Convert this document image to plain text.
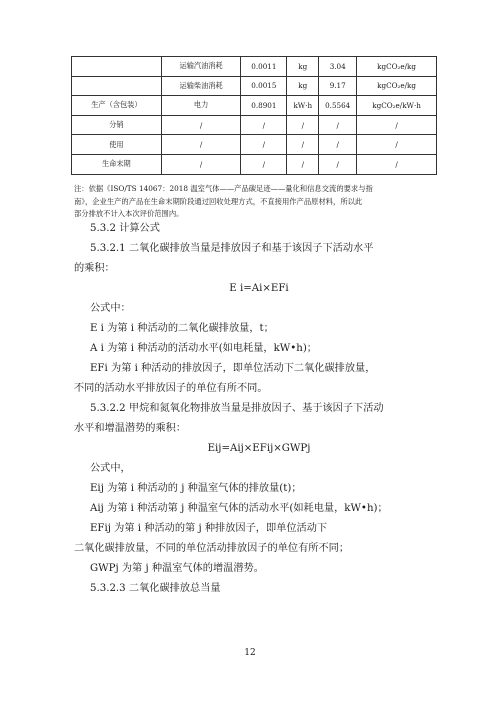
	运输汽油消耗	0.0011	kg	3.04	kgCO₂e/kg
	运输柴油消耗	0.0015	kg	9.17	kgCO₂e/kg
生产（含包装）	电力	0.8901	kW·h	0.5564	kgCO₂e/kW·h
分销	/	/	/	/	/
使用	/	/	/	/	/
生命末期	/	/	/	/	/

注：依据《ISO/TS 14067：2018 温室气体——产品碳足迹——量化和信息交流的要求与指

南》，企业生产的产品在生命末期阶段通过回收处理方式，不直接用作产品原材料，所以此

部分排放不计入本次评价范围内。

5.3.2 计算公式

5.3.2.1 二氧化碳排放当量是排放因子和基于该因子下活动水平

的乘积：

E i=Ai×EFi

公式中：

E i 为第 i 种活动的二氧化碳排放量，t；

A i 为第 i 种活动的活动水平(如电耗量，kW•h)；

EFi 为第 i 种活动的排放因子，即单位活动下二氧化碳排放量，

不同的活动水平排放因子的单位有所不同。

5.3.2.2 甲烷和氮氧化物排放当量是排放因子、基于该因子下活动

水平和增温潜势的乘积：

Eij=Aij×EFij×GWPj

公式中，

Eij 为第 i 种活动的 j 种温室气体的排放量(t)；

Aij 为第 i 种活动第 j 种温室气体的活动水平(如耗电量，kW•h)；

EFij 为第 i 种活动的第 j 种排放因子，即单位活动下

二氧化碳排放量，不同的单位活动排放因子的单位有所不同；

GWPj 为第 j 种温室气体的增温潜势。

5.3.2.3 二氧化碳排放总当量

12
